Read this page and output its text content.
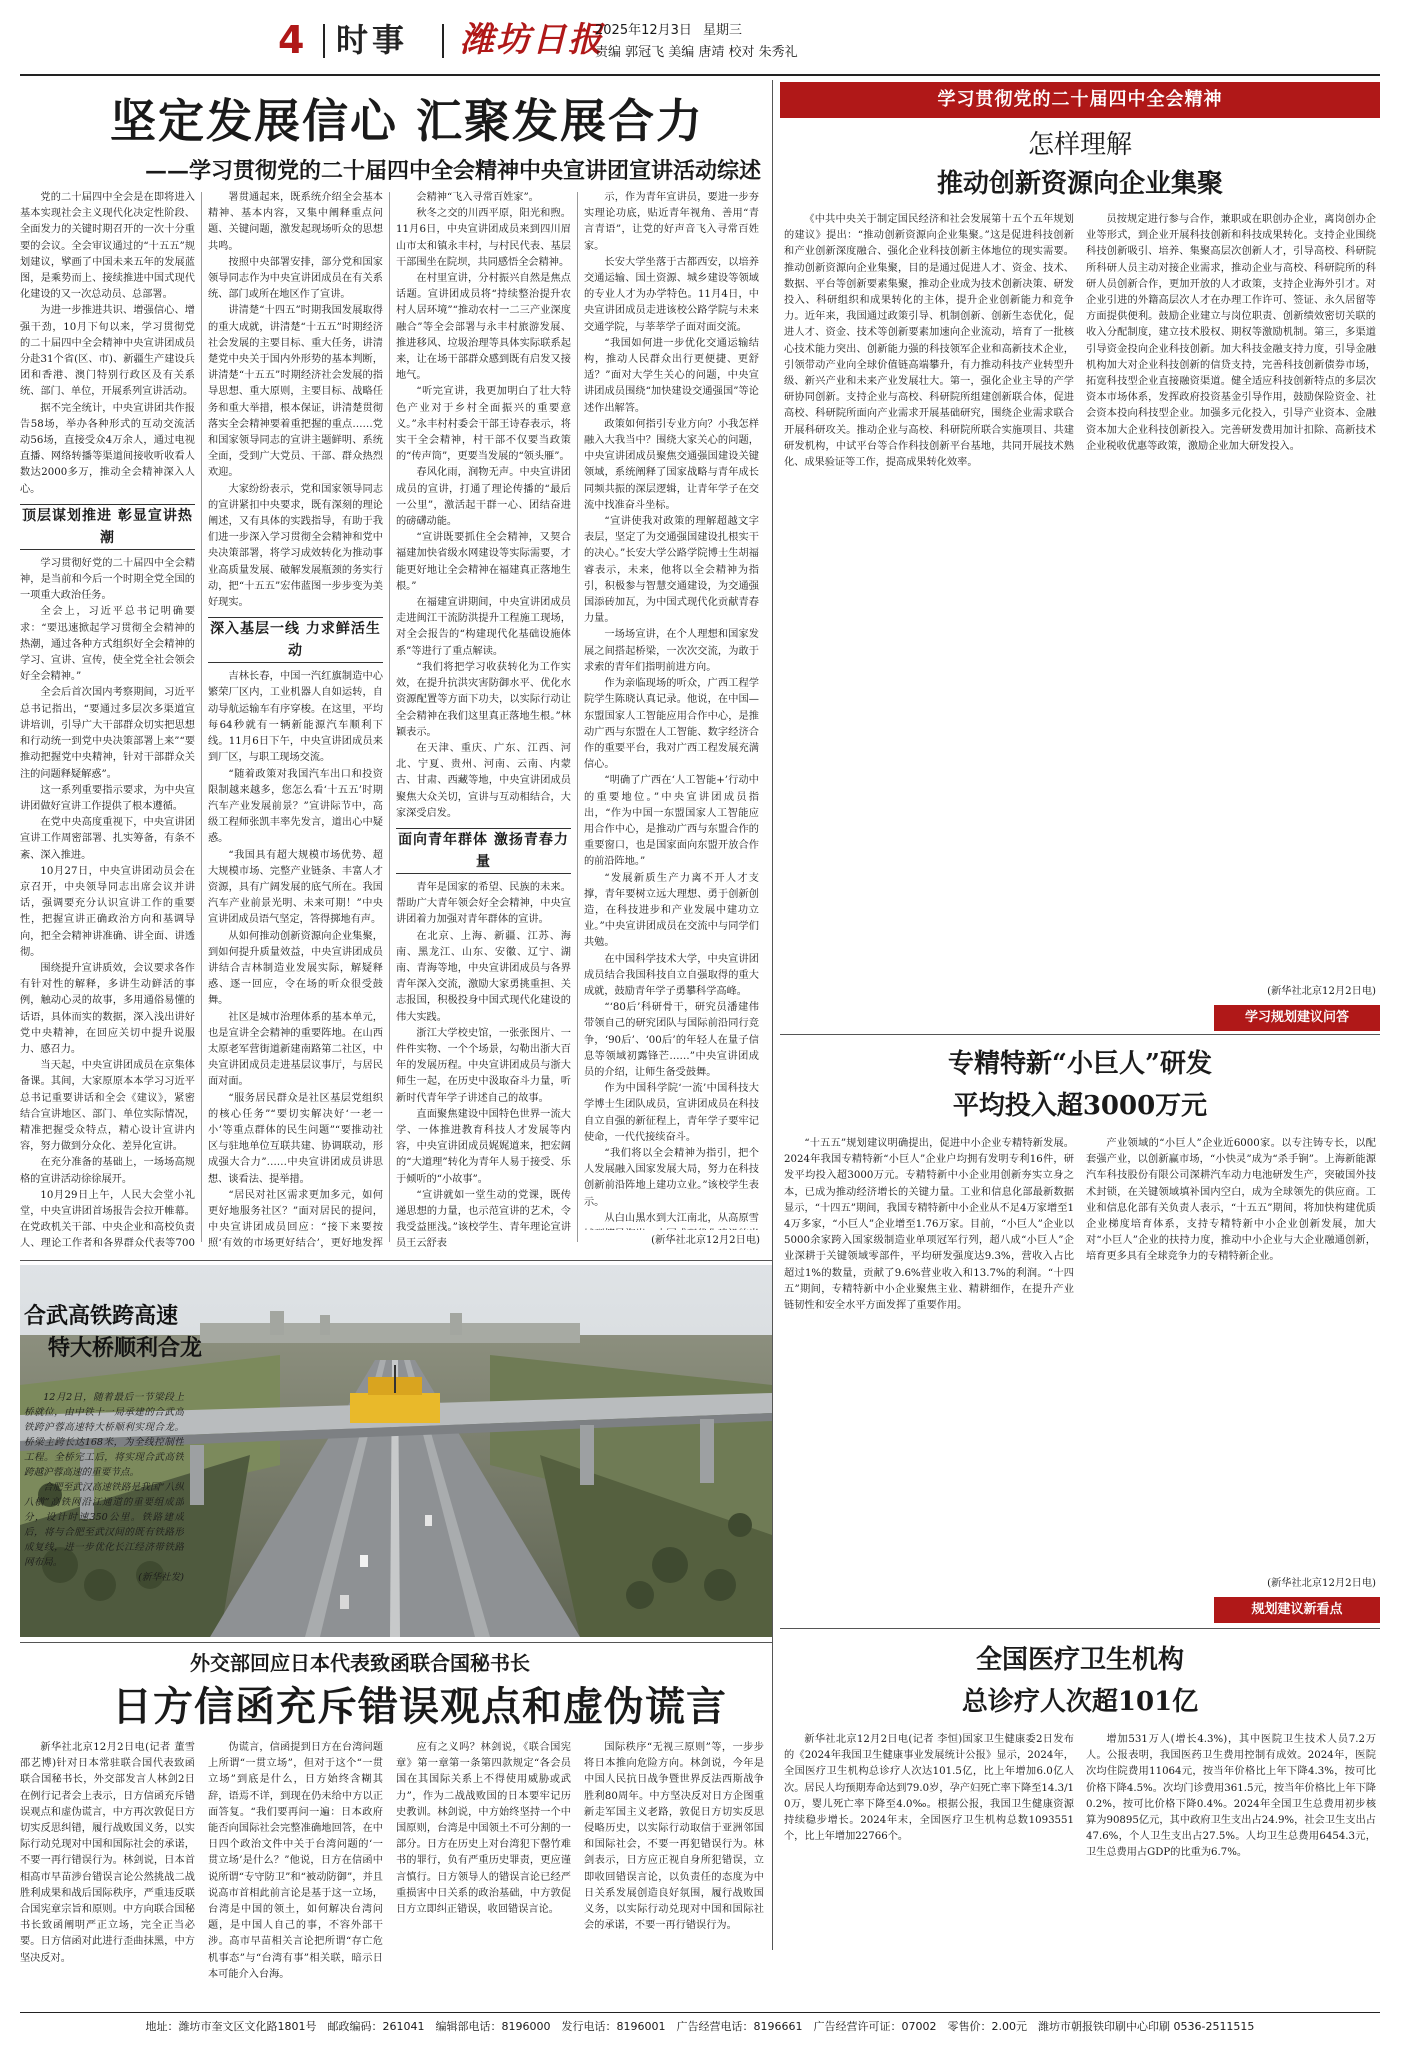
4 时事 潍坊日报
2025年12月3日 星期三
责编 郭冠飞 美编 唐靖 校对 朱秀礼
坚定发展信心 汇聚发展合力
——学习贯彻党的二十届四中全会精神中央宣讲团宣讲活动综述

党的二十届四中全会是在即将进入基本实现社会主义现代化决定性阶段、全面发力的关键时期召开的一次十分重要的会议。全会审议通过的“十五五”规划建议，擘画了中国未来五年的发展蓝图，是乘势而上、接续推进中国式现代化建设的又一次总动员、总部署。

为进一步推进共识、增强信心、增强干劲，10月下旬以来，学习贯彻党的二十届四中全会精神中央宣讲团成员分赴31个省(区、市)、新疆生产建设兵团和香港、澳门特别行政区及有关系统、部门、单位，开展系列宣讲活动。

据不完全统计，中央宣讲团共作报告58场，举办各种形式的互动交流活动56场，直接受众4万余人，通过电视直播、网络转播等渠道间接收听收看人数达2000多万，推动全会精神深入人心。

顶层谋划推进 彰显宣讲热潮

学习贯彻好党的二十届四中全会精神，是当前和今后一个时期全党全国的一项重大政治任务。

全会上，习近平总书记明确要求：“要迅速掀起学习贯彻全会精神的热潮，通过各种方式组织好全会精神的学习、宣讲、宣传，使全党全社会领会好全会精神。”

全会后首次国内考察期间，习近平总书记指出，“要通过多层次多渠道宣讲培训，引导广大干部群众切实把思想和行动统一到党中央决策部署上来”“要推动把握党中央精神，针对干部群众关注的问题释疑解惑”。

这一系列重要指示要求，为中央宣讲团做好宣讲工作提供了根本遵循。

在党中央高度重视下，中央宣讲团宣讲工作周密部署、扎实筹备，有条不紊、深入推进。

10月27日，中央宣讲团动员会在京召开，中央领导同志出席会议并讲话，强调要充分认识宣讲工作的重要性，把握宣讲正确政治方向和基调导向，把全会精神讲准确、讲全面、讲透彻。

围绕提升宣讲质效，会议要求各作有针对性的解释，多讲生动鲜活的事例，触动心灵的故事，多用通俗易懂的话语，具体而实的数据，深入浅出讲好党中央精神，在回应关切中提升说服力、感召力。

当天起，中央宣讲团成员在京集体备课。其间，大家原原本本学习习近平总书记重要讲话和全会《建议》，紧密结合宣讲地区、部门、单位实际情况，精准把握受众特点，精心设计宣讲内容，努力做到分众化、差异化宣讲。

在充分准备的基础上，一场场高规格的宣讲活动徐徐展开。

10月29日上午，人民大会堂小礼堂，中央宣讲团首场报告会拉开帷幕。在党政机关干部、中央企业和高校负责人、理论工作者和各界群众代表等700

署贯通起来，既系统介绍全会基本精神、基本内容，又集中阐释重点问题、关键问题，激发起现场听众的思想共鸣。

按照中央部署安排，部分党和国家领导同志作为中央宣讲团成员在有关系统、部门或所在地区作了宣讲。

讲清楚“十四五”时期我国发展取得的重大成就，讲清楚“十五五”时期经济社会发展的主要目标、重大任务，讲清楚党中央关于国内外形势的基本判断，讲清楚“十五五”时期经济社会发展的指导思想、重大原则，主要目标、战略任务和重大举措，根本保证，讲清楚贯彻落实全会精神要着重把握的重点……党和国家领导同志的宣讲主题鲜明、系统全面，受到广大党员、干部、群众热烈欢迎。

大家纷纷表示，党和国家领导同志的宣讲紧扣中央要求，既有深刻的理论阐述，又有具体的实践指导，有助于我们进一步深入学习贯彻全会精神和党中央决策部署，将学习成效转化为推动事业高质量发展、破解发展瓶颈的务实行动，把“十五五”宏伟蓝图一步步变为美好现实。

深入基层一线 力求鲜活生动

吉林长春，中国一汽红旗制造中心繁荣厂区内，工业机器人自如运转，自动导航运输车有序穿梭。在这里，平均每64秒就有一辆新能源汽车顺利下线。11月6日下午，中央宣讲团成员来到厂区，与职工现场交流。

“随着政策对我国汽车出口和投资限制越来越多，您怎么看‘十五五’时期汽车产业发展前景？”宣讲际节中，高级工程师张凯丰率先发言，道出心中疑惑。

“我国具有超大规模市场优势、超大规模市场、完整产业链条、丰富人才资源，具有广阔发展的底气所在。我国汽车产业前景光明、未来可期！”中央宣讲团成员语气坚定，答得掷地有声。

从如何推动创新资源向企业集聚，到如何提升质量效益，中央宣讲团成员讲结合吉林制造业发展实际，解疑释惑、逐一回应，令在场的听众很受鼓舞。

社区是城市治理体系的基本单元，也是宣讲全会精神的重要阵地。在山西太原老军营街道新建南路第二社区，中央宣讲团成员走进基层议事厅，与居民面对面。

“服务居民群众是社区基层党组织的核心任务”“要切实解决好‘一老一小’等重点群体的民生问题”“要推动社区与驻地单位互联共建、协调联动，形成强大合力”……中央宣讲团成员讲思想、谈看法、提举措。

“居民对社区需求更加多元，如何更好地服务社区？”面对居民的提问，中央宣讲团成员回应：“接下来要按照‘有效的市场更好结合’，更好地发挥

会精神“飞入寻常百姓家”。

秋冬之交的川西平原，阳光和煦。11月6日，中央宣讲团成员来到四川眉山市太和镇永丰村，与村民代表、基层干部围坐在院坝，共同感悟全会精神。

在村里宣讲，分村振兴自然是焦点话题。宣讲团成员将“持续整治提升农村人居环境”“推动农村一二三产业深度融合”等全会部署与永丰村旅游发展、推进移风、垃圾治理等具体实际联系起来，让在场干部群众感到既有启发又接地气。

“听完宣讲，我更加明白了壮大特色产业对于乡村全面振兴的重要意义。”永丰村村委会干部王诗春表示，将实干全会精神，村干部不仅要当政策的“传声筒”，更要当发展的“领头雁”。

春风化雨，润物无声。中央宣讲团成员的宣讲，打通了理论传播的“最后一公里”，激活起干群一心、团结奋进的磅礴动能。

“宣讲既要抓住全会精神，又契合福建加快省级水网建设等实际需要，才能更好地让全会精神在福建真正落地生根。”

在福建宣讲期间，中央宣讲团成员走进闽江干流防洪提升工程施工现场，对全会报告的“构建现代化基础设施体系”等进行了重点解读。

“我们将把学习收获转化为工作实效，在提升抗洪灾害防御水平、优化水资源配置等方面下功夫，以实际行动让全会精神在我们这里真正落地生根。”林颖表示。

在天津、重庆、广东、江西、河北、宁夏、贵州、河南、云南、内蒙古、甘肃、西藏等地，中央宣讲团成员聚焦大众关切，宣讲与互动相结合，大家深受启发。

面向青年群体 激扬青春力量

青年是国家的希望、民族的未来。帮助广大青年领会好全会精神，中央宣讲团着力加强对青年群体的宣讲。

在北京、上海、新疆、江苏、海南、黑龙江、山东、安徽、辽宁、湖南、青海等地，中央宣讲团成员与各界青年深入交流，激励大家勇挑重担、关志报国，积极投身中国式现代化建设的伟大实践。

浙江大学校史馆，一张张图片、一件件实物、一个个场景，勾勒出浙大百年的发展历程。中央宣讲团成员与浙大师生一起，在历史中汲取奋斗力量，听新时代青年学子讲述自己的故事。

直面聚焦建设中国特色世界一流大学、一体推进教育科技人才发展等内容，中央宣讲团成员娓娓道来，把宏阔的“大道理”转化为青年人易于接受、乐于倾听的“小故事”。

“宣讲就如一堂生动的党课，既传递思想的力量，也示范宣讲的艺术，令我受益匪浅。”该校学生、青年理论宣讲员王云舒表

示，作为青年宣讲员，要进一步夯实理论功底，贴近青年视角、善用“青言青语”，让党的好声音飞入寻常百姓家。

长安大学坐落于古都西安，以培养交通运输、国土资源、城乡建设等领域的专业人才为办学特色。11月4日，中央宣讲团成员走进该校公路学院与未来交通学院，与莘莘学子面对面交流。

“我国如何进一步优化交通运输结构，推动人民群众出行更便捷、更舒适？”面对大学生关心的问题，中央宣讲团成员围绕“加快建设交通强国”等论述作出解答。

政策如何指引专业方向？小我怎样融入大我当中？围绕大家关心的问题，中央宣讲团成员聚焦交通强国建设关键领域，系统阐释了国家战略与青年成长同频共振的深层逻辑，让青年学子在交流中找准奋斗坐标。

“宣讲使我对政策的理解超越文字表层，坚定了为交通强国建设扎根实干的决心。”长安大学公路学院博士生胡福睿表示，未来，他将以全会精神为指引，积极参与智慧交通建设，为交通强国添砖加瓦，为中国式现代化贡献青春力量。

一场场宣讲，在个人理想和国家发展之间搭起桥梁，一次次交流，为敢于求索的青年们指明前进方向。

作为亲临现场的听众，广西工程学院学生陈晓认真记录。他说，在中国—东盟国家人工智能应用合作中心，是推动广西与东盟在人工智能、数字经济合作的重要平台，我对广西工程发展充满信心。

“明确了广西在‘人工智能+’行动中的重要地位。”中央宣讲团成员指出，“作为中国一东盟国家人工智能应用合作中心，是推动广西与东盟合作的重要窗口，也是国家面向东盟开放合作的前沿阵地。”

“发展新质生产力离不开人才支撑，青年要树立远大理想、勇于创新创造，在科技进步和产业发展中建功立业。”中央宣讲团成员在交流中与同学们共勉。

在中国科学技术大学，中央宣讲团成员结合我国科技自立自强取得的重大成就，鼓励青年学子勇攀科学高峰。

“‘80后’科研骨干，研究员潘建伟带领自己的研究团队与国际前沿同行竞争，‘90后’、‘00后’的年轻人在量子信息等领域初露锋芒……”中央宣讲团成员的介绍，让师生备受鼓舞。

作为中国科学院‘一流’中国科技大学博士生团队成员，宣讲团成员在科技自立自强的新征程上，青年学子要牢记使命，一代代接续奋斗。

“我们将以全会精神为指引，把个人发展融入国家发展大局，努力在科技创新前沿阵地上建功立业。”该校学生表示。

从白山黑水到大江南北，从高原雪

(新华社北京12月2日电)
合武高铁跨高速
特大桥顺利合龙

12月2日，随着最后一节梁段上桥就位，由中铁十一局承建的合武高铁跨沪蓉高速特大桥顺利实现合龙。桥梁主跨长达168米，为全线控制性工程。全桥完工后，将实现合武高铁跨越沪蓉高速的重要节点。

合肥至武汉高速铁路是我国“八纵八横”高铁网沿江通道的重要组成部分，设计时速350公里。铁路建成后，将与合肥至武汉间的既有铁路形成复线，进一步优化长江经济带铁路网布局。

(新华社发)

外交部回应日本代表致函联合国秘书长
日方信函充斥错误观点和虚伪谎言

新华社北京12月2日电(记者 董雪 邵艺博)针对日本常驻联合国代表致函联合国秘书长，外交部发言人林剑2日在例行记者会上表示，日方信函充斥错误观点和虚伪谎言，中方再次敦促日方切实反思纠错，履行战败国义务，以实际行动兑现对中国和国际社会的承诺，不要一再行错误行为。林剑说，日本首相高市早苗涉台错误言论公然挑战二战胜利成果和战后国际秩序，严重违反联合国宪章宗旨和原则。中方向联合国秘书长致函阐明严正立场，完全正当必要。日方信函对此进行歪曲抹黑，中方坚决反对。

伪谎言，信函提到日方在台湾问题上所谓“一贯立场”，但对于这个“一贯立场”到底是什么，日方始终含糊其辞，语焉不详，到现在仍未给中方以正面答复。“我们要再问一遍：日本政府能否向国际社会完整准确地回答，在中日四个政治文件中关于台湾问题的‘一贯立场’是什么？”他说，日方在信函中说所谓“专守防卫”和“被动防御”，并且说高市首相此前言论是基于这一立场，台湾是中国的领土，如何解决台湾问题，是中国人自己的事，不容外部干涉。高市早苗相关言论把所谓“存亡危机事态”与“台湾有事”相关联，暗示日本可能介入台海。

应有之义吗？林剑说，《联合国宪章》第一章第一条第四款规定“各会员国在其国际关系上不得使用威胁或武力”，作为二战战败国的日本要牢记历史教训。林剑说，中方始终坚持一个中国原则，台湾是中国领土不可分割的一部分。日方在历史上对台湾犯下罄竹难书的罪行，负有严重历史罪责，更应谨言慎行。日方领导人的错误言论已经严重损害中日关系的政治基础，中方敦促日方立即纠正错误，收回错误言论。

国际秩序“无视三原则”等，一步步将日本推向危险方向。林剑说，今年是中国人民抗日战争暨世界反法西斯战争胜利80周年。中方坚决反对日方企图重新走军国主义老路，敦促日方切实反思侵略历史，以实际行动取信于亚洲邻国和国际社会，不要一再犯错误行为。林剑表示，日方应正视自身所犯错误，立即收回错误言论，以负责任的态度为中日关系发展创造良好氛围，履行战败国义务，以实际行动兑现对中国和国际社会的承诺，不要一再行错误行为。

学习贯彻党的二十届四中全会精神
怎样理解
推动创新资源向企业集聚

《中共中央关于制定国民经济和社会发展第十五个五年规划的建议》提出：“推动创新资源向企业集聚。”这是促进科技创新和产业创新深度融合、强化企业科技创新主体地位的现实需要。推动创新资源向企业集聚，目的是通过促进人才、资金、技术、数据、平台等创新要素集聚，推动企业成为技术创新决策、研发投入、科研组织和成果转化的主体，提升企业创新能力和竞争力。近年来，我国通过政策引导、机制创新、创新生态优化，促进人才、资金、技术等创新要素加速向企业流动，培育了一批核心技术能力突出、创新能力强的科技领军企业和高新技术企业，引领带动产业向全球价值链高端攀升，有力推动科技产业转型升级、新兴产业和未来产业发展壮大。第一，强化企业主导的产学研协同创新。支持企业与高校、科研院所组建创新联合体，促进高校、科研院所面向产业需求开展基础研究，围绕企业需求联合开展科研攻关。推动企业与高校、科研院所联合实施项目、共建研发机构，中试平台等合作科技创新平台基地，共同开展技术熟化、成果验证等工作，提高成果转化效率。

员按规定进行参与合作，兼职或在职创办企业，离岗创办企业等形式，到企业开展科技创新和科技成果转化。支持企业围绕科技创新吸引、培养、集聚高层次创新人才，引导高校、科研院所科研人员主动对接企业需求，推动企业与高校、科研院所的科研人员创新合作，更加开放的人才政策，支持企业海外引才。对企业引进的外籍高层次人才在办理工作许可、签证、永久居留等方面提供便利。鼓励企业建立与岗位职责、创新绩效密切关联的收入分配制度，建立技术股权、期权等激励机制。第三，多渠道引导资金投向企业科技创新。加大科技金融支持力度，引导金融机构加大对企业科技创新的信贷支持，完善科技创新债券市场，拓宽科技型企业直接融资渠道。健全适应科技创新特点的多层次资本市场体系，发挥政府投资基金引导作用，鼓励保险资金、社会资本投向科技型企业。加强多元化投入，引导产业资本、金融资本加大企业科技创新投入。完善研发费用加计扣除、高新技术企业税收优惠等政策，激励企业加大研发投入。

(新华社北京12月2日电)
学习规划建议问答
专精特新“小巨人”研发
平均投入超3000万元

“十五五”规划建议明确提出，促进中小企业专精特新发展。2024年我国专精特新“小巨人”企业户均拥有发明专利16件，研发平均投入超3000万元。专精特新中小企业用创新夯实立身之本，已成为推动经济增长的关键力量。工业和信息化部最新数据显示，“十四五”期间，我国专精特新中小企业从不足4万家增至14万多家，“小巨人”企业增至1.76万家。目前，“小巨人”企业以5000余家跨入国家级制造业单项冠军行列，超八成“小巨人”企业深耕于关键领域零部件，平均研发强度达9.3%，营收入占比超过1%的数量，贡献了9.6%营业收入和13.7%的利润。“十四五”期间，专精特新中小企业聚焦主业、精耕细作，在提升产业链韧性和安全水平方面发挥了重要作用。

产业领域的“小巨人”企业近6000家。以专注铸专长，以配套强产业，以创新赢市场，“小快灵”成为“杀手锏”。上海新能源汽车科技股份有限公司深耕汽车动力电池研发生产，突破国外技术封锁，在关键领域填补国内空白，成为全球领先的供应商。工业和信息化部有关负责人表示，“十五五”期间，将加快构建优质企业梯度培育体系，支持专精特新中小企业创新发展，加大对“小巨人”企业的扶持力度，推动中小企业与大企业融通创新，培育更多具有全球竞争力的专精特新企业。

(新华社北京12月2日电)
规划建议新看点
全国医疗卫生机构
总诊疗人次超101亿

新华社北京12月2日电(记者 李恒)国家卫生健康委2日发布的《2024年我国卫生健康事业发展统计公报》显示，2024年，全国医疗卫生机构总诊疗人次达101.5亿，比上年增加6.0亿人次。居民人均预期寿命达到79.0岁，孕产妇死亡率下降至14.3/10万，婴儿死亡率下降至4.0‰。根据公报，我国卫生健康资源持续稳步增长。2024年末，全国医疗卫生机构总数1093551个，比上年增加22766个。

增加531万人(增长4.3%)，其中医院卫生技术人员7.2万人。公报表明，我国医药卫生费用控制有成效。2024年，医院次均住院费用11064元，按当年价格比上年下降4.3%，按可比价格下降4.5%。次均门诊费用361.5元，按当年价格比上年下降0.2%，按可比价格下降0.4%。2024年全国卫生总费用初步核算为90895亿元，其中政府卫生支出占24.9%，社会卫生支出占47.6%，个人卫生支出占27.5%。人均卫生总费用6454.3元，卫生总费用占GDP的比重为6.7%。

地址：潍坊市奎文区文化路1801号　邮政编码：261041　编辑部电话：8196000　发行电话：8196001　广告经营电话：8196661　广告经营许可证：07002　零售价：2.00元　潍坊市朝报铁印刷中心印刷 0536-2511515
